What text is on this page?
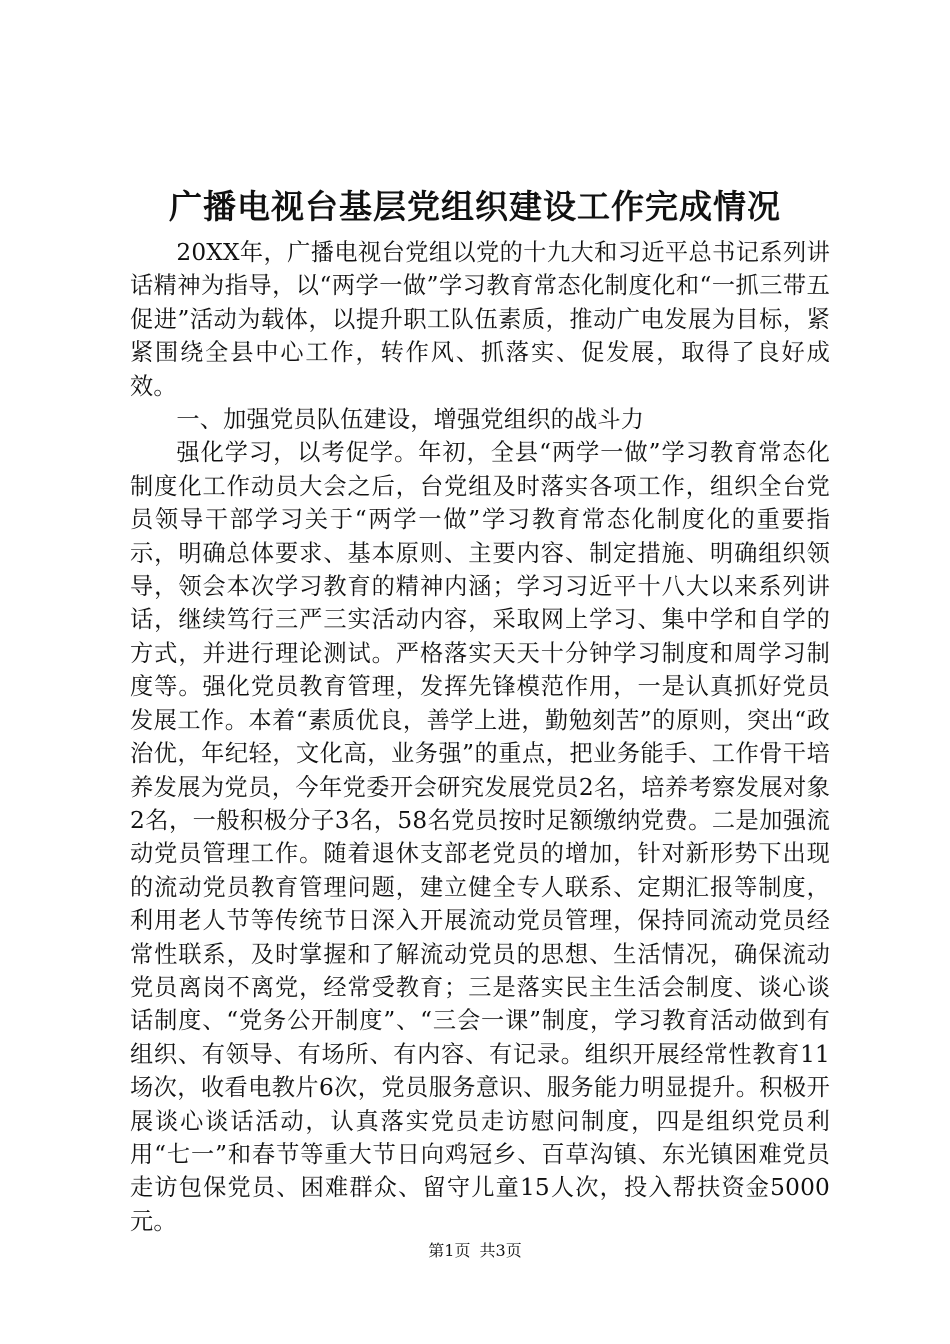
广播电视台基层党组织建设工作完成情况

20XX年，广播电视台党组以党的十九大和习近平总书记系列讲话精神为指导，以“两学一做”学习教育常态化制度化和“一抓三带五促进”活动为载体，以提升职工队伍素质，推动广电发展为目标，紧紧围绕全县中心工作，转作风、抓落实、促发展，取得了良好成效。

一、加强党员队伍建设，增强党组织的战斗力

强化学习，以考促学。年初，全县“两学一做”学习教育常态化制度化工作动员大会之后，台党组及时落实各项工作，组织全台党员领导干部学习关于“两学一做”学习教育常态化制度化的重要指示，明确总体要求、基本原则、主要内容、制定措施、明确组织领导，领会本次学习教育的精神内涵；学习习近平十八大以来系列讲话，继续笃行三严三实活动内容，采取网上学习、集中学和自学的方式，并进行理论测试。严格落实天天十分钟学习制度和周学习制度等。强化党员教育管理，发挥先锋模范作用，一是认真抓好党员发展工作。本着“素质优良，善学上进，勤勉刻苦”的原则，突出“政治优，年纪轻，文化高，业务强”的重点，把业务能手、工作骨干培养发展为党员，今年党委开会研究发展党员2名，培养考察发展对象2名，一般积极分子3名，58名党员按时足额缴纳党费。二是加强流动党员管理工作。随着退休支部老党员的增加，针对新形势下出现的流动党员教育管理问题，建立健全专人联系、定期汇报等制度，利用老人节等传统节日深入开展流动党员管理，保持同流动党员经常性联系，及时掌握和了解流动党员的思想、生活情况，确保流动党员离岗不离党，经常受教育；三是落实民主生活会制度、谈心谈话制度、“党务公开制度”、“三会一课”制度，学习教育活动做到有组织、有领导、有场所、有内容、有记录。组织开展经常性教育11场次，收看电教片6次，党员服务意识、服务能力明显提升。积极开展谈心谈话活动，认真落实党员走访慰问制度，四是组织党员利用“七一”和春节等重大节日向鸡冠乡、百草沟镇、东光镇困难党员走访包保党员、困难群众、留守儿童15人次，投入帮扶资金5000元。

第1页 共3页
